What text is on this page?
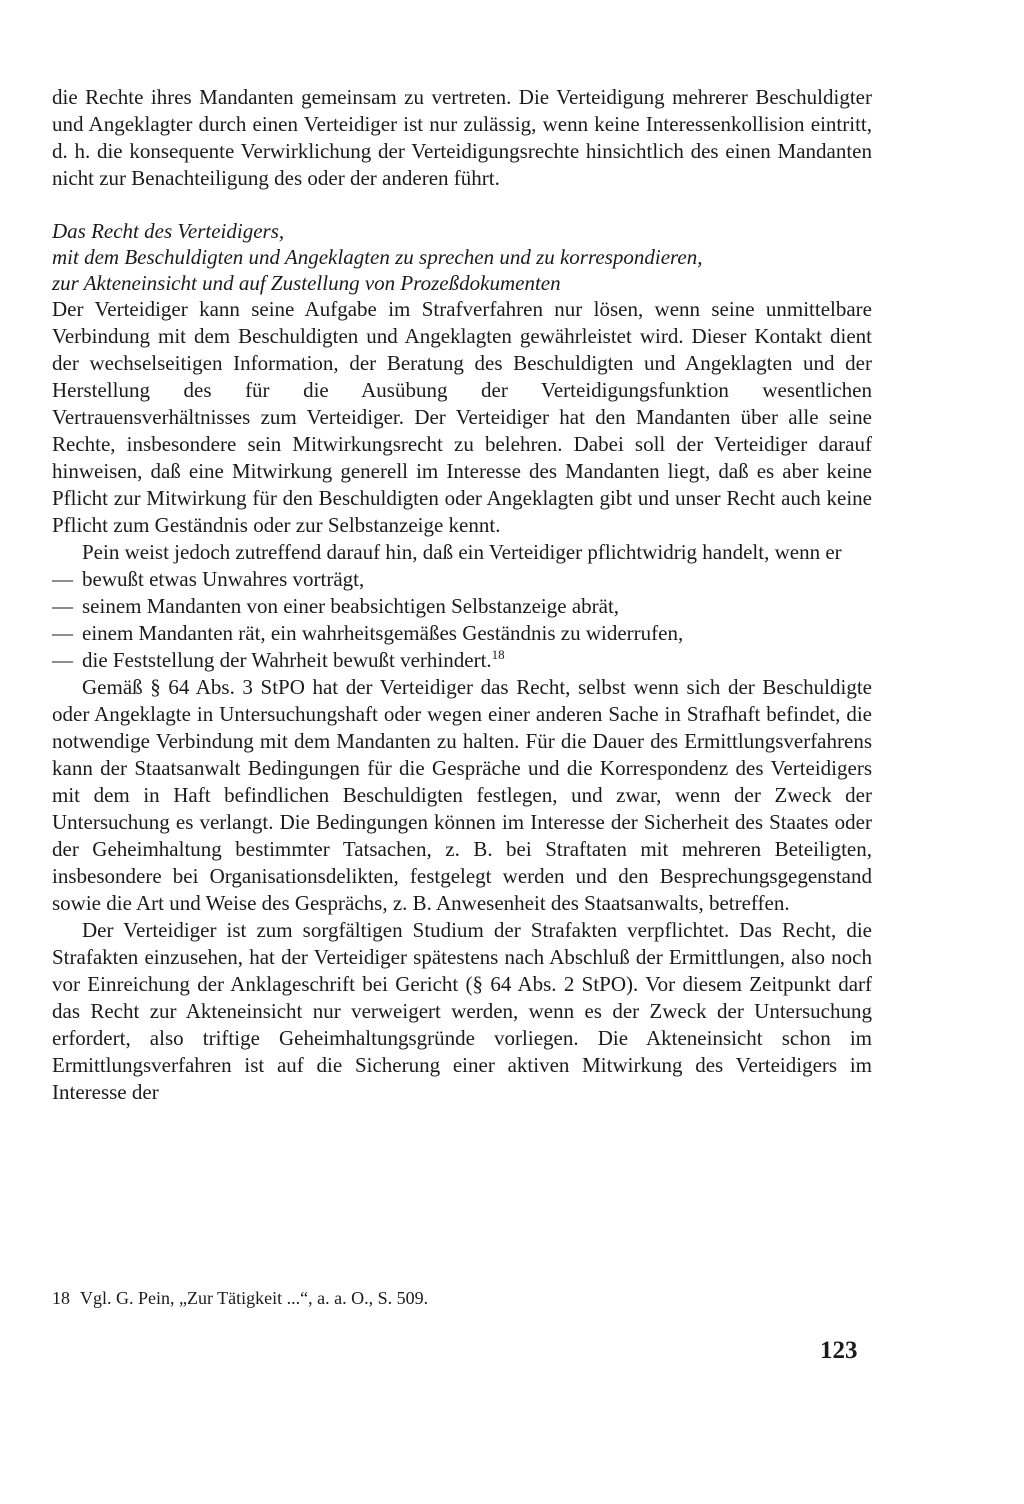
die Rechte ihres Mandanten gemeinsam zu vertreten. Die Verteidigung mehrerer Beschuldigter und Angeklagter durch einen Verteidiger ist nur zulässig, wenn keine Interessenkollision eintritt, d. h. die konsequente Verwirklichung der Verteidigungsrechte hinsichtlich des einen Mandanten nicht zur Benachteiligung des oder der anderen führt.

Das Recht des Verteidigers,
mit dem Beschuldigten und Angeklagten zu sprechen und zu korrespondieren,
zur Akteneinsicht und auf Zustellung von Prozeßdokumenten

Der Verteidiger kann seine Aufgabe im Strafverfahren nur lösen, wenn seine unmittelbare Verbindung mit dem Beschuldigten und Angeklagten gewährleistet wird. Dieser Kontakt dient der wechselseitigen Information, der Beratung des Beschuldigten und Angeklagten und der Herstellung des für die Ausübung der Verteidigungsfunktion wesentlichen Vertrauensverhältnisses zum Verteidiger. Der Verteidiger hat den Mandanten über alle seine Rechte, insbesondere sein Mitwirkungsrecht zu belehren. Dabei soll der Verteidiger darauf hinweisen, daß eine Mitwirkung generell im Interesse des Mandanten liegt, daß es aber keine Pflicht zur Mitwirkung für den Beschuldigten oder Angeklagten gibt und unser Recht auch keine Pflicht zum Geständnis oder zur Selbstanzeige kennt.

Pein weist jedoch zutreffend darauf hin, daß ein Verteidiger pflichtwidrig handelt, wenn er

— bewußt etwas Unwahres vorträgt,
— seinem Mandanten von einer beabsichtigen Selbstanzeige abrät,
— einem Mandanten rät, ein wahrheitsgemäßes Geständnis zu widerrufen,
— die Feststellung der Wahrheit bewußt verhindert.$^{18}$

Gemäß § 64 Abs. 3 StPO hat der Verteidiger das Recht, selbst wenn sich der Beschuldigte oder Angeklagte in Untersuchungshaft oder wegen einer anderen Sache in Strafhaft befindet, die notwendige Verbindung mit dem Mandanten zu halten. Für die Dauer des Ermittlungsverfahrens kann der Staatsanwalt Bedingungen für die Gespräche und die Korrespondenz des Verteidigers mit dem in Haft befindlichen Beschuldigten festlegen, und zwar, wenn der Zweck der Untersuchung es verlangt. Die Bedingungen können im Interesse der Sicherheit des Staates oder der Geheimhaltung bestimmter Tatsachen, z. B. bei Straftaten mit mehreren Beteiligten, insbesondere bei Organisationsdelikten, festgelegt werden und den Besprechungsgegenstand sowie die Art und Weise des Gesprächs, z. B. Anwesenheit des Staatsanwalts, betreffen.

Der Verteidiger ist zum sorgfältigen Studium der Strafakten verpflichtet. Das Recht, die Strafakten einzusehen, hat der Verteidiger spätestens nach Abschluß der Ermittlungen, also noch vor Einreichung der Anklageschrift bei Gericht (§ 64 Abs. 2 StPO). Vor diesem Zeitpunkt darf das Recht zur Akteneinsicht nur verweigert werden, wenn es der Zweck der Untersuchung erfordert, also triftige Geheimhaltungsgründe vorliegen. Die Akteneinsicht schon im Ermittlungsverfahren ist auf die Sicherung einer aktiven Mitwirkung des Verteidigers im Interesse der

18 Vgl. G. Pein, „Zur Tätigkeit ...“, a. a. O., S. 509.
123
